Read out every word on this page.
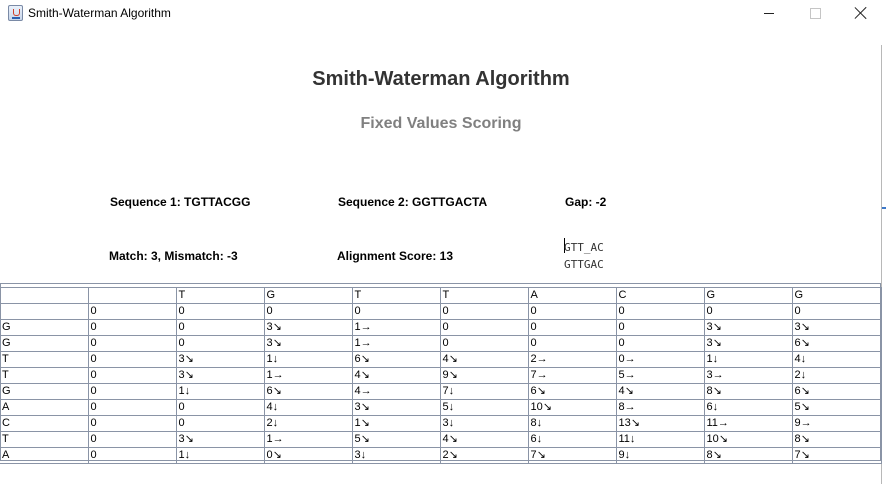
Smith-Waterman Algorithm
Smith-Waterman Algorithm
Fixed Values Scoring
Sequence 1: TGTTACGG	Sequence 2: GGTTGACTA	Gap: -2
Match: 3, Mismatch: -3	Alignment Score: 13
GTT_AC
GTTGAC
		T	G	T	T	A	C	G	G
	0	0	0	0	0	0	0	0	0
G	0	0	3↘	1→	0	0	0	3↘	3↘
G	0	0	3↘	1→	0	0	0	3↘	6↘
T	0	3↘	1↓	6↘	4↘	2→	0→	1↓	4↓
T	0	3↘	1→	4↘	9↘	7→	5→	3→	2↓
G	0	1↓	6↘	4→	7↓	6↘	4↘	8↘	6↘
A	0	0	4↓	3↘	5↓	10↘	8→	6↓	5↘
C	0	0	2↓	1↘	3↓	8↓	13↘	11→	9→
T	0	3↘	1→	5↘	4↘	6↓	11↓	10↘	8↘
A	0	1↓	0↘	3↓	2↘	7↘	9↓	8↘	7↘
